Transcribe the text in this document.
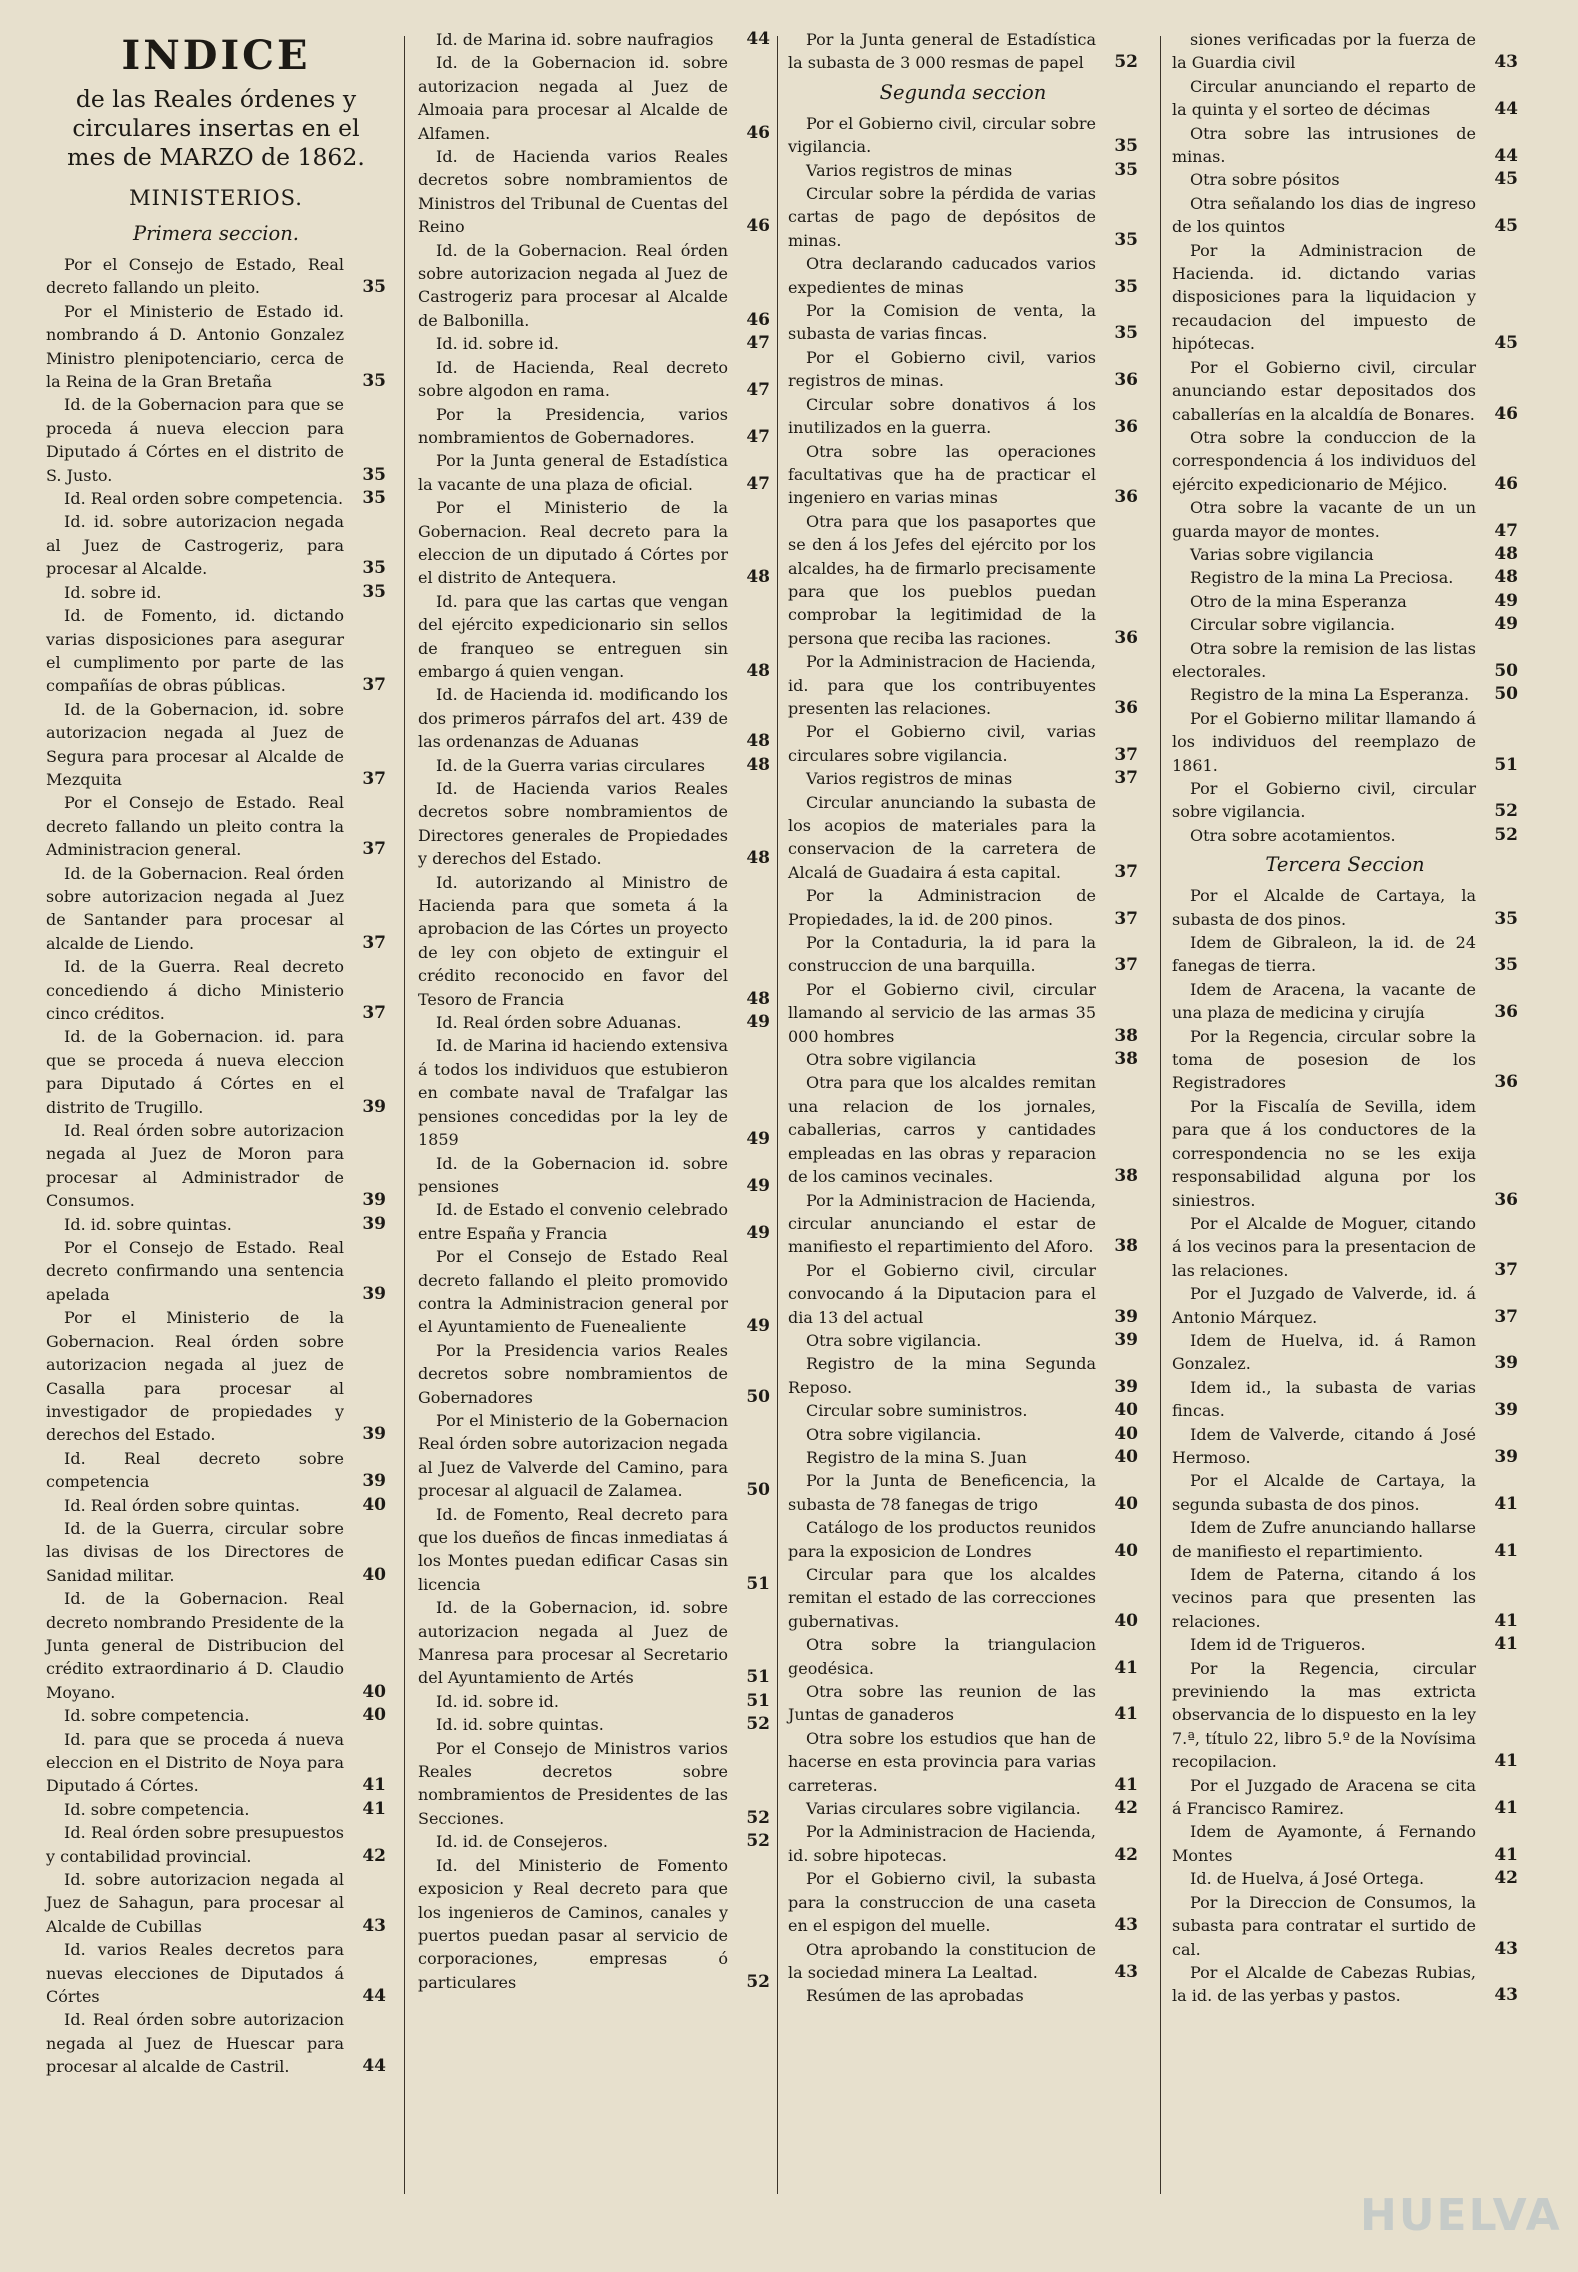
INDICE
de las Reales órdenes y circulares insertas en el mes de MARZO de 1862.
MINISTERIOS.
Primera seccion.
Por el Consejo de Estado, Real decreto fallando un pleito.	35
Por el Ministerio de Estado id. nombrando á D. Antonio Gonzalez Ministro plenipotenciario, cerca de la Reina de la Gran Bretaña	35
Id. de la Gobernacion para que se proceda á nueva eleccion para Diputado á Córtes en el distrito de S. Justo.	35
Id. Real orden sobre competencia.	35
Id. id. sobre autorizacion negada al Juez de Castrogeriz, para procesar al Alcalde.	35
Id. sobre id.	35
Id. de Fomento, id. dictando varias disposiciones para asegurar el cumplimento por parte de las compañías de obras públicas.	37
Id. de la Gobernacion, id. sobre autorizacion negada al Juez de Segura para procesar al Alcalde de Mezquita	37
Por el Consejo de Estado. Real decreto fallando un pleito contra la Administracion general.	37
Id. de la Gobernacion. Real órden sobre autorizacion negada al Juez de Santander para procesar al alcalde de Liendo.	37
Id. de la Guerra. Real decreto concediendo á dicho Ministerio cinco créditos.	37
Id. de la Gobernacion. id. para que se proceda á nueva eleccion para Diputado á Córtes en el distrito de Trugillo.	39
Id. Real órden sobre autorizacion negada al Juez de Moron para procesar al Administrador de Consumos.	39
Id. id. sobre quintas.	39
Por el Consejo de Estado. Real decreto confirmando una sentencia apelada	39
Por el Ministerio de la Gobernacion. Real órden sobre autorizacion negada al juez de Casalla para procesar al investigador de propiedades y derechos del Estado.	39
Id. Real decreto sobre competencia	39
Id. Real órden sobre quintas.	40
Id. de la Guerra, circular sobre las divisas de los Directores de Sanidad militar.	40
Id. de la Gobernacion. Real decreto nombrando Presidente de la Junta general de Distribucion del crédito extraordinario á D. Claudio Moyano.	40
Id. sobre competencia.	40
Id. para que se proceda á nueva eleccion en el Distrito de Noya para Diputado á Córtes.	41
Id. sobre competencia.	41
Id. Real órden sobre presupuestos y contabilidad provincial.	42
Id. sobre autorizacion negada al Juez de Sahagun, para procesar al Alcalde de Cubillas	43
Id. varios Reales decretos para nuevas elecciones de Diputados á Córtes	44
Id. Real órden sobre autorizacion negada al Juez de Huescar para procesar al alcalde de Castril.	44
Id. de Marina id. sobre naufragios	44
Id. de la Gobernacion id. sobre autorizacion negada al Juez de Almoaia para procesar al Alcalde de Alfamen.	46
Id. de Hacienda varios Reales decretos sobre nombramientos de Ministros del Tribunal de Cuentas del Reino	46
Id. de la Gobernacion. Real órden sobre autorizacion negada al Juez de Castrogeriz para procesar al Alcalde de Balbonilla.	46
Id. id. sobre id.	47
Id. de Hacienda, Real decreto sobre algodon en rama.	47
Por la Presidencia, varios nombramientos de Gobernadores.	47
Por la Junta general de Estadística la vacante de una plaza de oficial.	47
Por el Ministerio de la Gobernacion. Real decreto para la eleccion de un diputado á Córtes por el distrito de Antequera.	48
Id. para que las cartas que vengan del ejército expedicionario sin sellos de franqueo se entreguen sin embargo á quien vengan.	48
Id. de Hacienda id. modificando los dos primeros párrafos del art. 439 de las ordenanzas de Aduanas	48
Id. de la Guerra varias circulares	48
Id. de Hacienda varios Reales decretos sobre nombramientos de Directores generales de Propiedades y derechos del Estado.	48
Id. autorizando al Ministro de Hacienda para que someta á la aprobacion de las Córtes un proyecto de ley con objeto de extinguir el crédito reconocido en favor del Tesoro de Francia	48
Id. Real órden sobre Aduanas.	49
Id. de Marina id haciendo extensiva á todos los individuos que estubieron en combate naval de Trafalgar las pensiones concedidas por la ley de 1859	49
Id. de la Gobernacion id. sobre pensiones	49
Id. de Estado el convenio celebrado entre España y Francia	49
Por el Consejo de Estado Real decreto fallando el pleito promovido contra la Administracion general por el Ayuntamiento de Fuenealiente	49
Por la Presidencia varios Reales decretos sobre nombramientos de Gobernadores	50
Por el Ministerio de la Gobernacion Real órden sobre autorizacion negada al Juez de Valverde del Camino, para procesar al alguacil de Zalamea.	50
Id. de Fomento, Real decreto para que los dueños de fincas inmediatas á los Montes puedan edificar Casas sin licencia	51
Id. de la Gobernacion, id. sobre autorizacion negada al Juez de Manresa para procesar al Secretario del Ayuntamiento de Artés	51
Id. id. sobre id.	51
Id. id. sobre quintas.	52
Por el Consejo de Ministros varios Reales decretos sobre nombramientos de Presidentes de las Secciones.	52
Id. id. de Consejeros.	52
Id. del Ministerio de Fomento exposicion y Real decreto para que los ingenieros de Caminos, canales y puertos puedan pasar al servicio de corporaciones, empresas ó particulares	52
Por la Junta general de Estadística la subasta de 3 000 resmas de papel	52
Segunda seccion
Por el Gobierno civil, circular sobre vigilancia.	35
Varios registros de minas	35
Circular sobre la pérdida de varias cartas de pago de depósitos de minas.	35
Otra declarando caducados varios expedientes de minas	35
Por la Comision de venta, la subasta de varias fincas.	35
Por el Gobierno civil, varios registros de minas.	36
Circular sobre donativos á los inutilizados en la guerra.	36
Otra sobre las operaciones facultativas que ha de practicar el ingeniero en varias minas	36
Otra para que los pasaportes que se den á los Jefes del ejército por los alcaldes, ha de firmarlo precisamente para que los pueblos puedan comprobar la legitimidad de la persona que reciba las raciones.	36
Por la Administracion de Hacienda, id. para que los contribuyentes presenten las relaciones.	36
Por el Gobierno civil, varias circulares sobre vigilancia.	37
Varios registros de minas	37
Circular anunciando la subasta de los acopios de materiales para la conservacion de la carretera de Alcalá de Guadaira á esta capital.	37
Por la Administracion de Propiedades, la id. de 200 pinos.	37
Por la Contaduria, la id para la construccion de una barquilla.	37
Por el Gobierno civil, circular llamando al servicio de las armas 35 000 hombres	38
Otra sobre vigilancia	38
Otra para que los alcaldes remitan una relacion de los jornales, caballerias, carros y cantidades empleadas en las obras y reparacion de los caminos vecinales.	38
Por la Administracion de Hacienda, circular anunciando el estar de manifiesto el repartimiento del Aforo.	38
Por el Gobierno civil, circular convocando á la Diputacion para el dia 13 del actual	39
Otra sobre vigilancia.	39
Registro de la mina Segunda Reposo.	39
Circular sobre suministros.	40
Otra sobre vigilancia.	40
Registro de la mina S. Juan	40
Por la Junta de Beneficencia, la subasta de 78 fanegas de trigo	40
Catálogo de los productos reunidos para la exposicion de Londres	40
Circular para que los alcaldes remitan el estado de las correcciones gubernativas.	40
Otra sobre la triangulacion geodésica.	41
Otra sobre las reunion de las Juntas de ganaderos	41
Otra sobre los estudios que han de hacerse en esta provincia para varias carreteras.	41
Varias circulares sobre vigilancia.	42
Por la Administracion de Hacienda, id. sobre hipotecas.	42
Por el Gobierno civil, la subasta para la construccion de una caseta en el espigon del muelle.	43
Otra aprobando la constitucion de la sociedad minera La Lealtad.	43
Resúmen de las aprobadas
siones verificadas por la fuerza de la Guardia civil	43
Circular anunciando el reparto de la quinta y el sorteo de décimas	44
Otra sobre las intrusiones de minas.	44
Otra sobre pósitos	45
Otra señalando los dias de ingreso de los quintos	45
Por la Administracion de Hacienda. id. dictando varias disposiciones para la liquidacion y recaudacion del impuesto de hipótecas.	45
Por el Gobierno civil, circular anunciando estar depositados dos caballerías en la alcaldía de Bonares.	46
Otra sobre la conduccion de la correspondencia á los individuos del ejército expedicionario de Méjico.	46
Otra sobre la vacante de un un guarda mayor de montes.	47
Varias sobre vigilancia	48
Registro de la mina La Preciosa.	48
Otro de la mina Esperanza	49
Circular sobre vigilancia.	49
Otra sobre la remision de las listas electorales.	50
Registro de la mina La Esperanza.	50
Por el Gobierno militar llamando á los individuos del reemplazo de 1861.	51
Por el Gobierno civil, circular sobre vigilancia.	52
Otra sobre acotamientos.	52
Tercera Seccion
Por el Alcalde de Cartaya, la subasta de dos pinos.	35
Idem de Gibraleon, la id. de 24 fanegas de tierra.	35
Idem de Aracena, la vacante de una plaza de medicina y cirujía	36
Por la Regencia, circular sobre la toma de posesion de los Registradores	36
Por la Fiscalía de Sevilla, idem para que á los conductores de la correspondencia no se les exija responsabilidad alguna por los siniestros.	36
Por el Alcalde de Moguer, citando á los vecinos para la presentacion de las relaciones.	37
Por el Juzgado de Valverde, id. á Antonio Márquez.	37
Idem de Huelva, id. á Ramon Gonzalez.	39
Idem id., la subasta de varias fincas.	39
Idem de Valverde, citando á José Hermoso.	39
Por el Alcalde de Cartaya, la segunda subasta de dos pinos.	41
Idem de Zufre anunciando hallarse de manifiesto el repartimiento.	41
Idem de Paterna, citando á los vecinos para que presenten las relaciones.	41
Idem id de Trigueros.	41
Por la Regencia, circular previniendo la mas extricta observancia de lo dispuesto en la ley 7.ª, título 22, libro 5.º de la Novísima recopilacion.	41
Por el Juzgado de Aracena se cita á Francisco Ramirez.	41
Idem de Ayamonte, á Fernando Montes	41
Id. de Huelva, á José Ortega.	42
Por la Direccion de Consumos, la subasta para contratar el surtido de cal.	43
Por el Alcalde de Cabezas Rubias, la id. de las yerbas y pastos.	43
HUELVA
